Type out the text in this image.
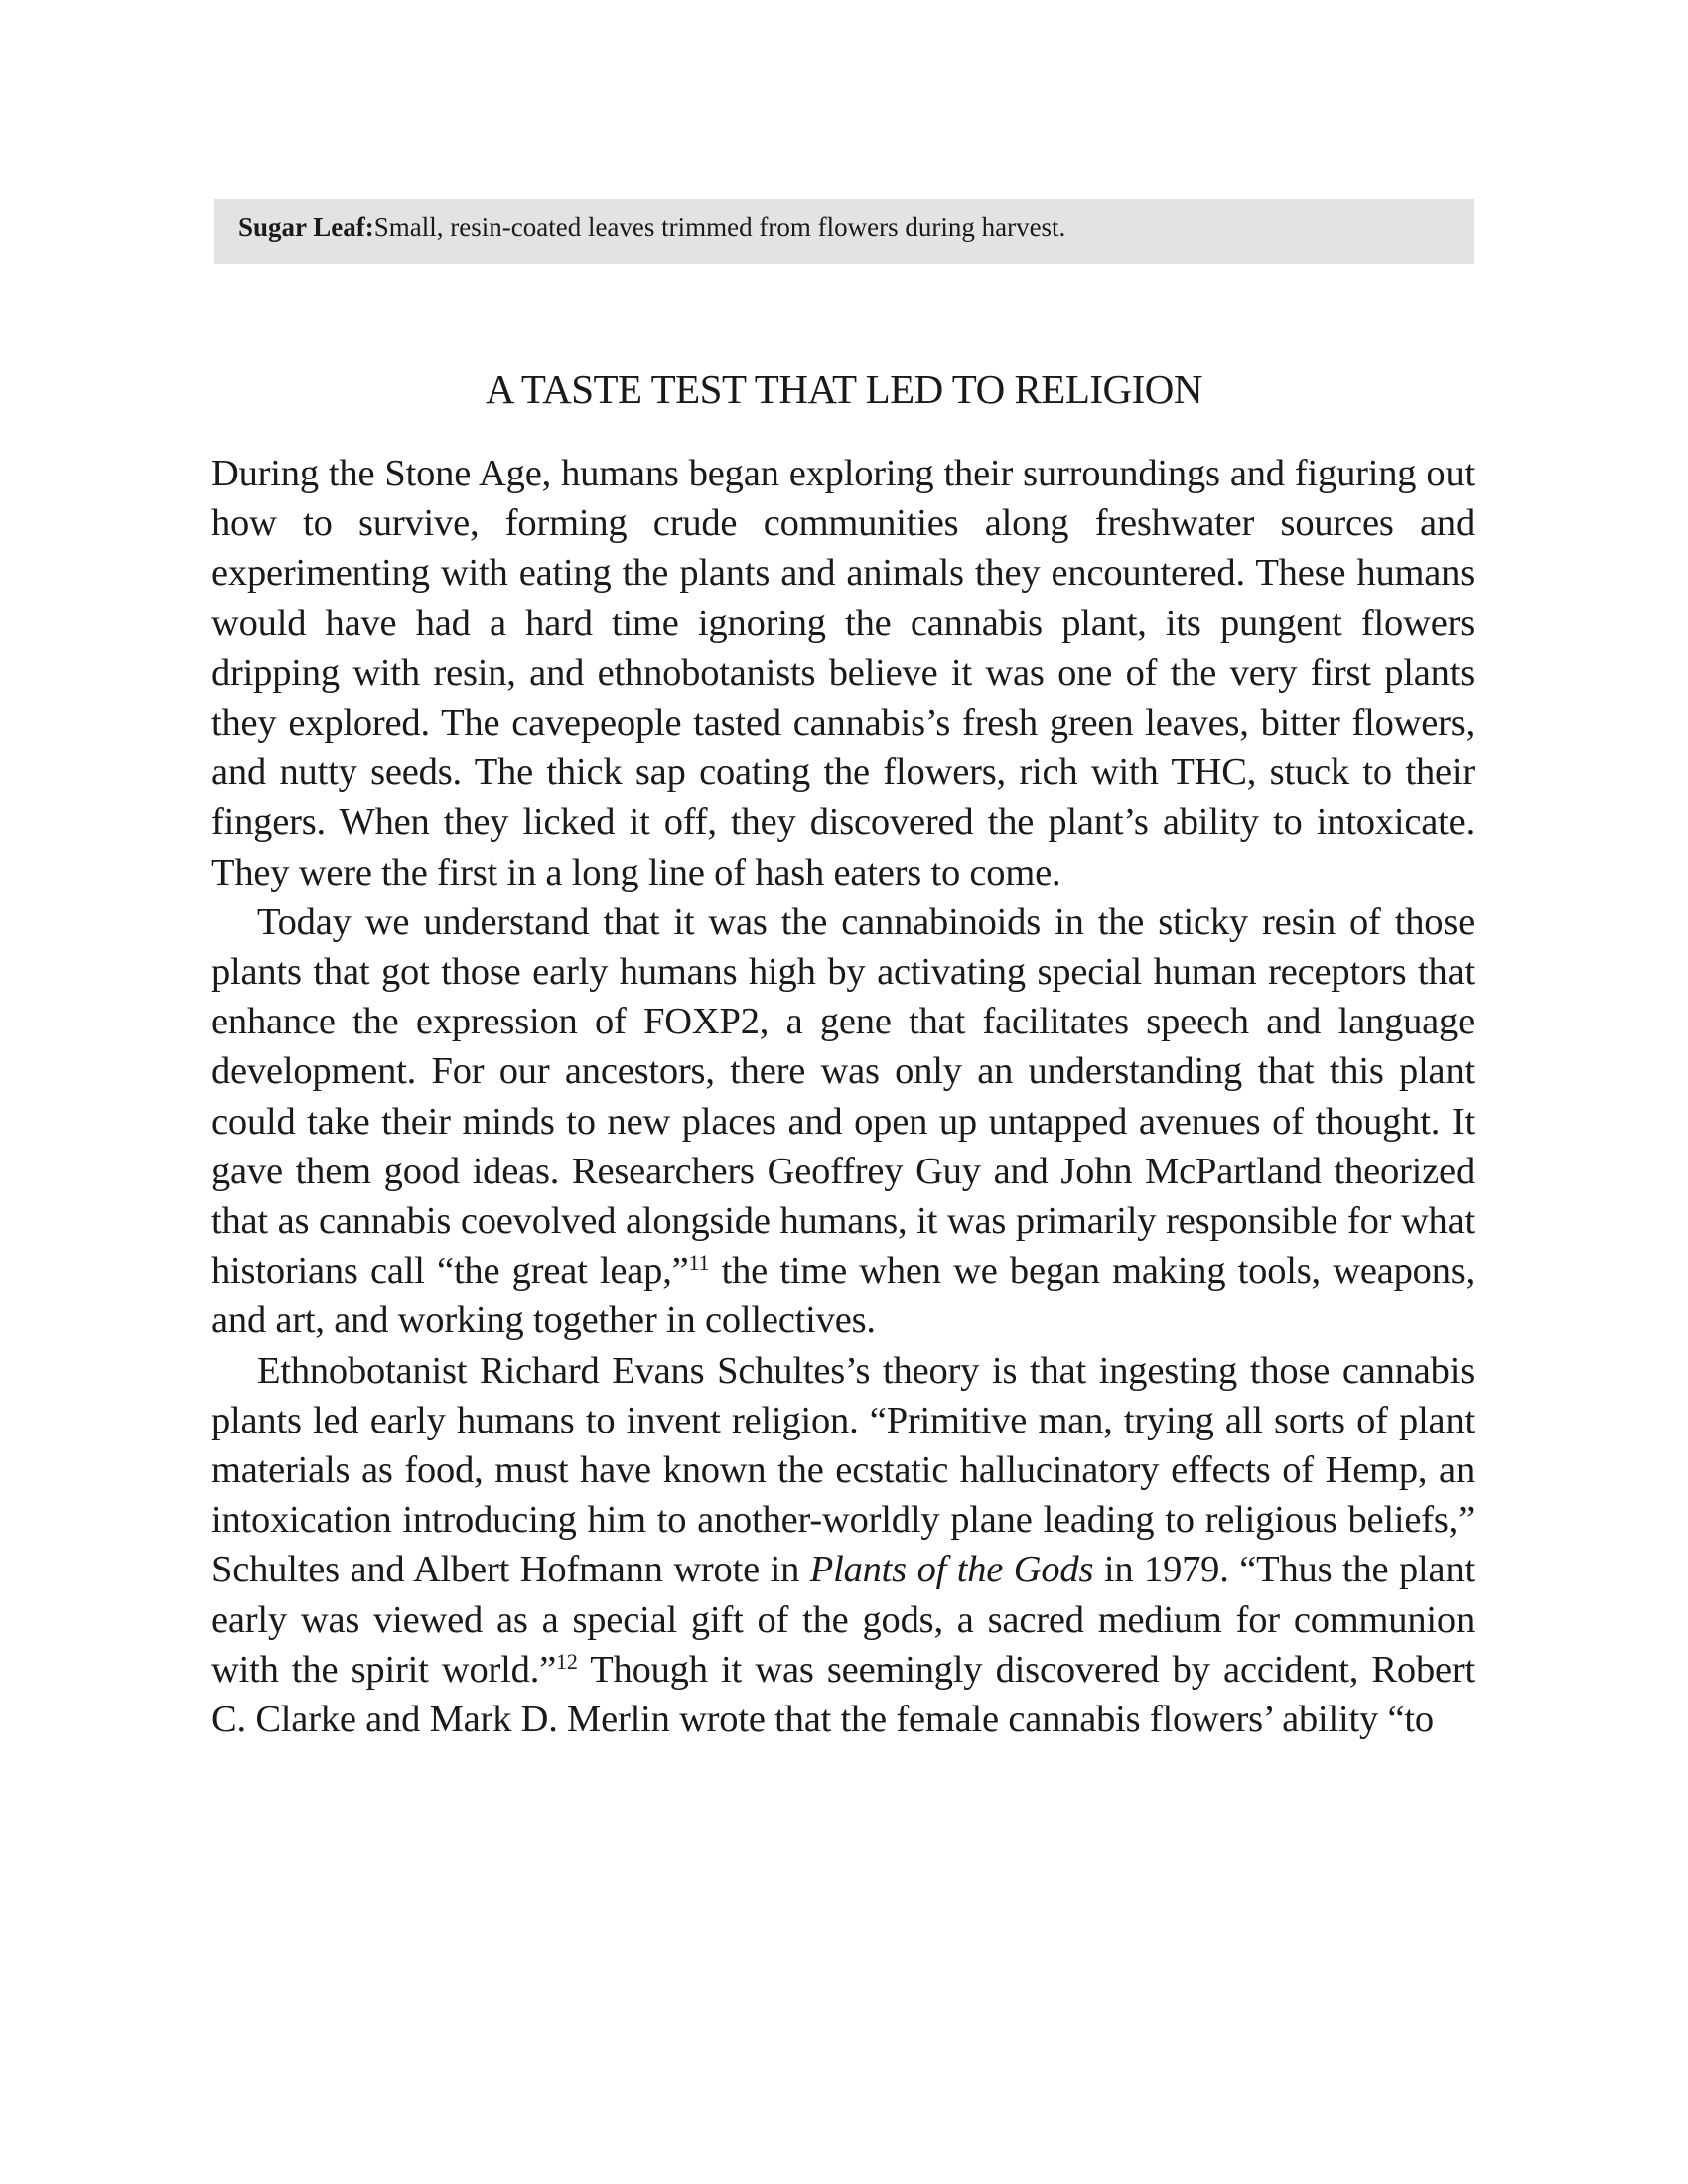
Sugar Leaf: Small, resin-coated leaves trimmed from flowers during harvest.
A TASTE TEST THAT LED TO RELIGION

During the Stone Age, humans began exploring their surroundings and figuring out how to survive, forming crude communities along freshwater sources and experimenting with eating the plants and animals they encountered. These humans would have had a hard time ignoring the cannabis plant, its pungent flowers dripping with resin, and ethnobotanists believe it was one of the very first plants they explored. The cavepeople tasted cannabis’s fresh green leaves, bitter flowers, and nutty seeds. The thick sap coating the flowers, rich with THC, stuck to their fingers. When they licked it off, they discovered the plant’s ability to intoxicate. They were the first in a long line of hash eaters to come.

Today we understand that it was the cannabinoids in the sticky resin of those plants that got those early humans high by activating special human receptors that enhance the expression of FOXP2, a gene that facilitates speech and language development. For our ancestors, there was only an understanding that this plant could take their minds to new places and open up untapped avenues of thought. It gave them good ideas. Researchers Geoffrey Guy and John McPartland theorized that as cannabis coevolved alongside humans, it was primarily responsible for what historians call “the great leap,”$^{11}$ the time when we began making tools, weapons, and art, and working together in collectives.

Ethnobotanist Richard Evans Schultes’s theory is that ingesting those cannabis plants led early humans to invent religion. “Primitive man, trying all sorts of plant materials as food, must have known the ecstatic hallucinatory effects of Hemp, an intoxication introducing him to another-worldly plane leading to religious beliefs,” Schultes and Albert Hofmann wrote in Plants of the Gods in 1979. “Thus the plant early was viewed as a special gift of the gods, a sacred medium for communion with the spirit world.”$^{12}$ Though it was seemingly discovered by accident, Robert C. Clarke and Mark D. Merlin wrote that the female cannabis flowers’ ability “to
